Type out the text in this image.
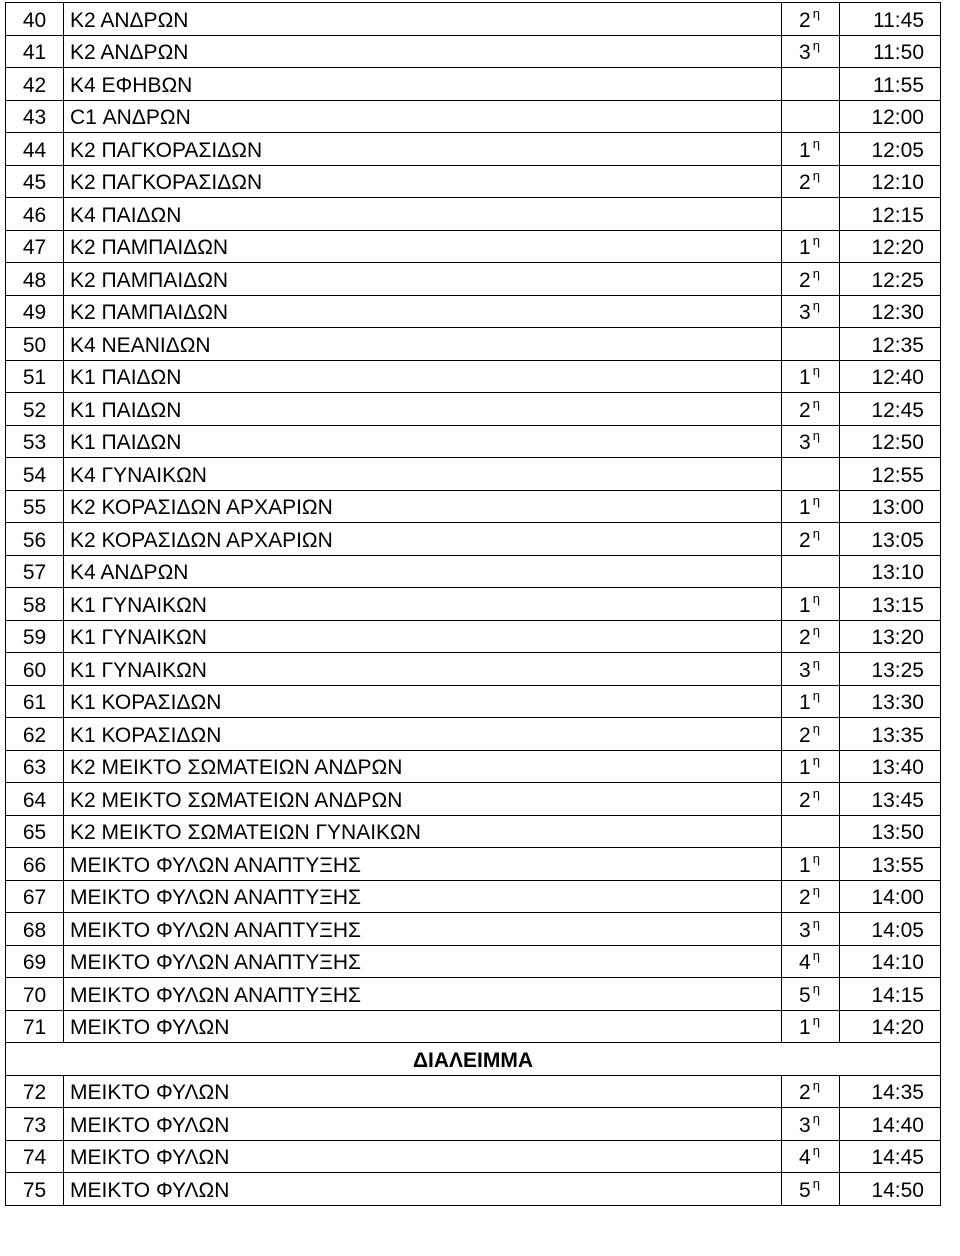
40	Κ2 ΑΝΔΡΩΝ	2 $^\eta$	11:45
41	Κ2 ΑΝΔΡΩΝ	3 $^\eta$	11:50
42	Κ4 ΕΦΗΒΩΝ		11:55
43	C1 ΑΝΔΡΩΝ		12:00
44	Κ2 ΠΑΓΚΟΡΑΣΙΔΩΝ	1 $^\eta$	12:05
45	Κ2 ΠΑΓΚΟΡΑΣΙΔΩΝ	2 $^\eta$	12:10
46	Κ4 ΠΑΙΔΩΝ		12:15
47	Κ2 ΠΑΜΠΑΙΔΩΝ	1 $^\eta$	12:20
48	Κ2 ΠΑΜΠΑΙΔΩΝ	2 $^\eta$	12:25
49	Κ2 ΠΑΜΠΑΙΔΩΝ	3 $^\eta$	12:30
50	Κ4 ΝΕΑΝΙΔΩΝ		12:35
51	Κ1 ΠΑΙΔΩΝ	1 $^\eta$	12:40
52	Κ1 ΠΑΙΔΩΝ	2 $^\eta$	12:45
53	Κ1 ΠΑΙΔΩΝ	3 $^\eta$	12:50
54	Κ4 ΓΥΝΑΙΚΩΝ		12:55
55	Κ2 ΚΟΡΑΣΙΔΩΝ ΑΡΧΑΡΙΩΝ	1 $^\eta$	13:00
56	Κ2 ΚΟΡΑΣΙΔΩΝ ΑΡΧΑΡΙΩΝ	2 $^\eta$	13:05
57	Κ4 ΑΝΔΡΩΝ		13:10
58	Κ1 ΓΥΝΑΙΚΩΝ	1 $^\eta$	13:15
59	Κ1 ΓΥΝΑΙΚΩΝ	2 $^\eta$	13:20
60	Κ1 ΓΥΝΑΙΚΩΝ	3 $^\eta$	13:25
61	Κ1 ΚΟΡΑΣΙΔΩΝ	1 $^\eta$	13:30
62	Κ1 ΚΟΡΑΣΙΔΩΝ	2 $^\eta$	13:35
63	Κ2 ΜΕΙΚΤΟ ΣΩΜΑΤΕΙΩΝ ΑΝΔΡΩΝ	1 $^\eta$	13:40
64	Κ2 ΜΕΙΚΤΟ ΣΩΜΑΤΕΙΩΝ ΑΝΔΡΩΝ	2 $^\eta$	13:45
65	Κ2 ΜΕΙΚΤΟ ΣΩΜΑΤΕΙΩΝ ΓΥΝΑΙΚΩΝ		13:50
66	ΜΕΙΚΤΟ ΦΥΛΩΝ ΑΝΑΠΤΥΞΗΣ	1 $^\eta$	13:55
67	ΜΕΙΚΤΟ ΦΥΛΩΝ ΑΝΑΠΤΥΞΗΣ	2 $^\eta$	14:00
68	ΜΕΙΚΤΟ ΦΥΛΩΝ ΑΝΑΠΤΥΞΗΣ	3 $^\eta$	14:05
69	ΜΕΙΚΤΟ ΦΥΛΩΝ ΑΝΑΠΤΥΞΗΣ	4 $^\eta$	14:10
70	ΜΕΙΚΤΟ ΦΥΛΩΝ ΑΝΑΠΤΥΞΗΣ	5 $^\eta$	14:15
71	ΜΕΙΚΤΟ ΦΥΛΩΝ	1 $^\eta$	14:20
ΔΙΑΛΕΙΜΜΑ			
72	ΜΕΙΚΤΟ ΦΥΛΩΝ	2 $^\eta$	14:35
73	ΜΕΙΚΤΟ ΦΥΛΩΝ	3 $^\eta$	14:40
74	ΜΕΙΚΤΟ ΦΥΛΩΝ	4 $^\eta$	14:45
75	ΜΕΙΚΤΟ ΦΥΛΩΝ	5 $^\eta$	14:50
